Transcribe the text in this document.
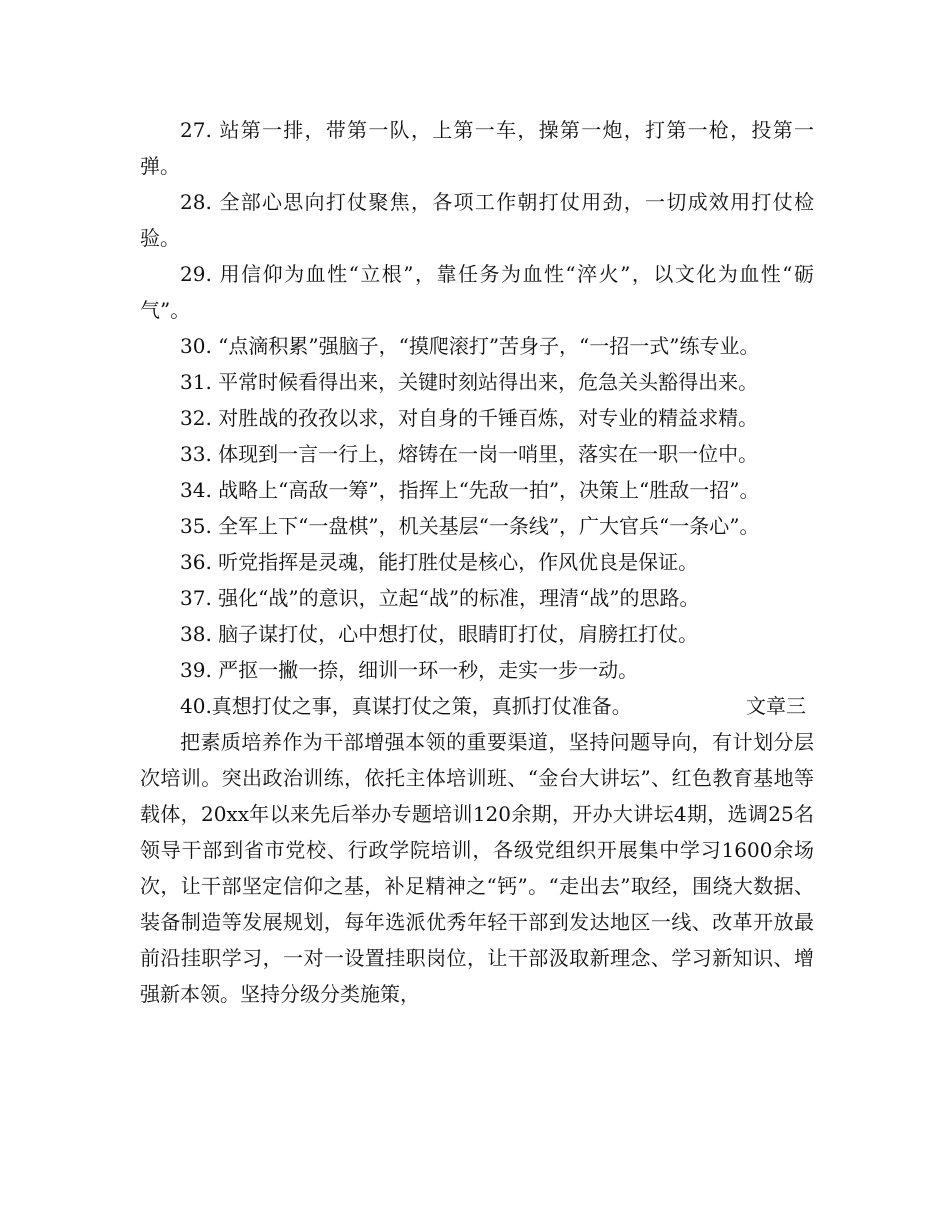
27. 站第一排，带第一队，上第一车，操第一炮，打第一枪，投第一弹。

28. 全部心思向打仗聚焦，各项工作朝打仗用劲，一切成效用打仗检验。

29. 用信仰为血性“立根”，靠任务为血性“淬火”，以文化为血性“砺气”。

30. “点滴积累”强脑子，“摸爬滚打”苦身子，“一招一式”练专业。

31. 平常时候看得出来，关键时刻站得出来，危急关头豁得出来。

32. 对胜战的孜孜以求，对自身的千锤百炼，对专业的精益求精。

33. 体现到一言一行上，熔铸在一岗一哨里，落实在一职一位中。

34. 战略上“高敌一筹”，指挥上“先敌一拍”，决策上“胜敌一招”。

35. 全军上下“一盘棋”，机关基层“一条线”，广大官兵“一条心”。

36. 听党指挥是灵魂，能打胜仗是核心，作风优良是保证。

37. 强化“战”的意识，立起“战”的标准，理清“战”的思路。

38. 脑子谋打仗，心中想打仗，眼睛盯打仗，肩膀扛打仗。

39. 严抠一撇一捺，细训一环一秒，走实一步一动。

40.真想打仗之事，真谋打仗之策，真抓打仗准备。	文章三

把素质培养作为干部增强本领的重要渠道，坚持问题导向，有计划分层次培训。突出政治训练，依托主体培训班、“金台大讲坛”、红色教育基地等载体，20xx年以来先后举办专题培训120余期，开办大讲坛4期，选调25名领导干部到省市党校、行政学院培训，各级党组织开展集中学习1600余场次，让干部坚定信仰之基，补足精神之“钙”。“走出去”取经，围绕大数据、装备制造等发展规划，每年选派优秀年轻干部到发达地区一线、改革开放最前沿挂职学习，一对一设置挂职岗位，让干部汲取新理念、学习新知识、增强新本领。坚持分级分类施策，
